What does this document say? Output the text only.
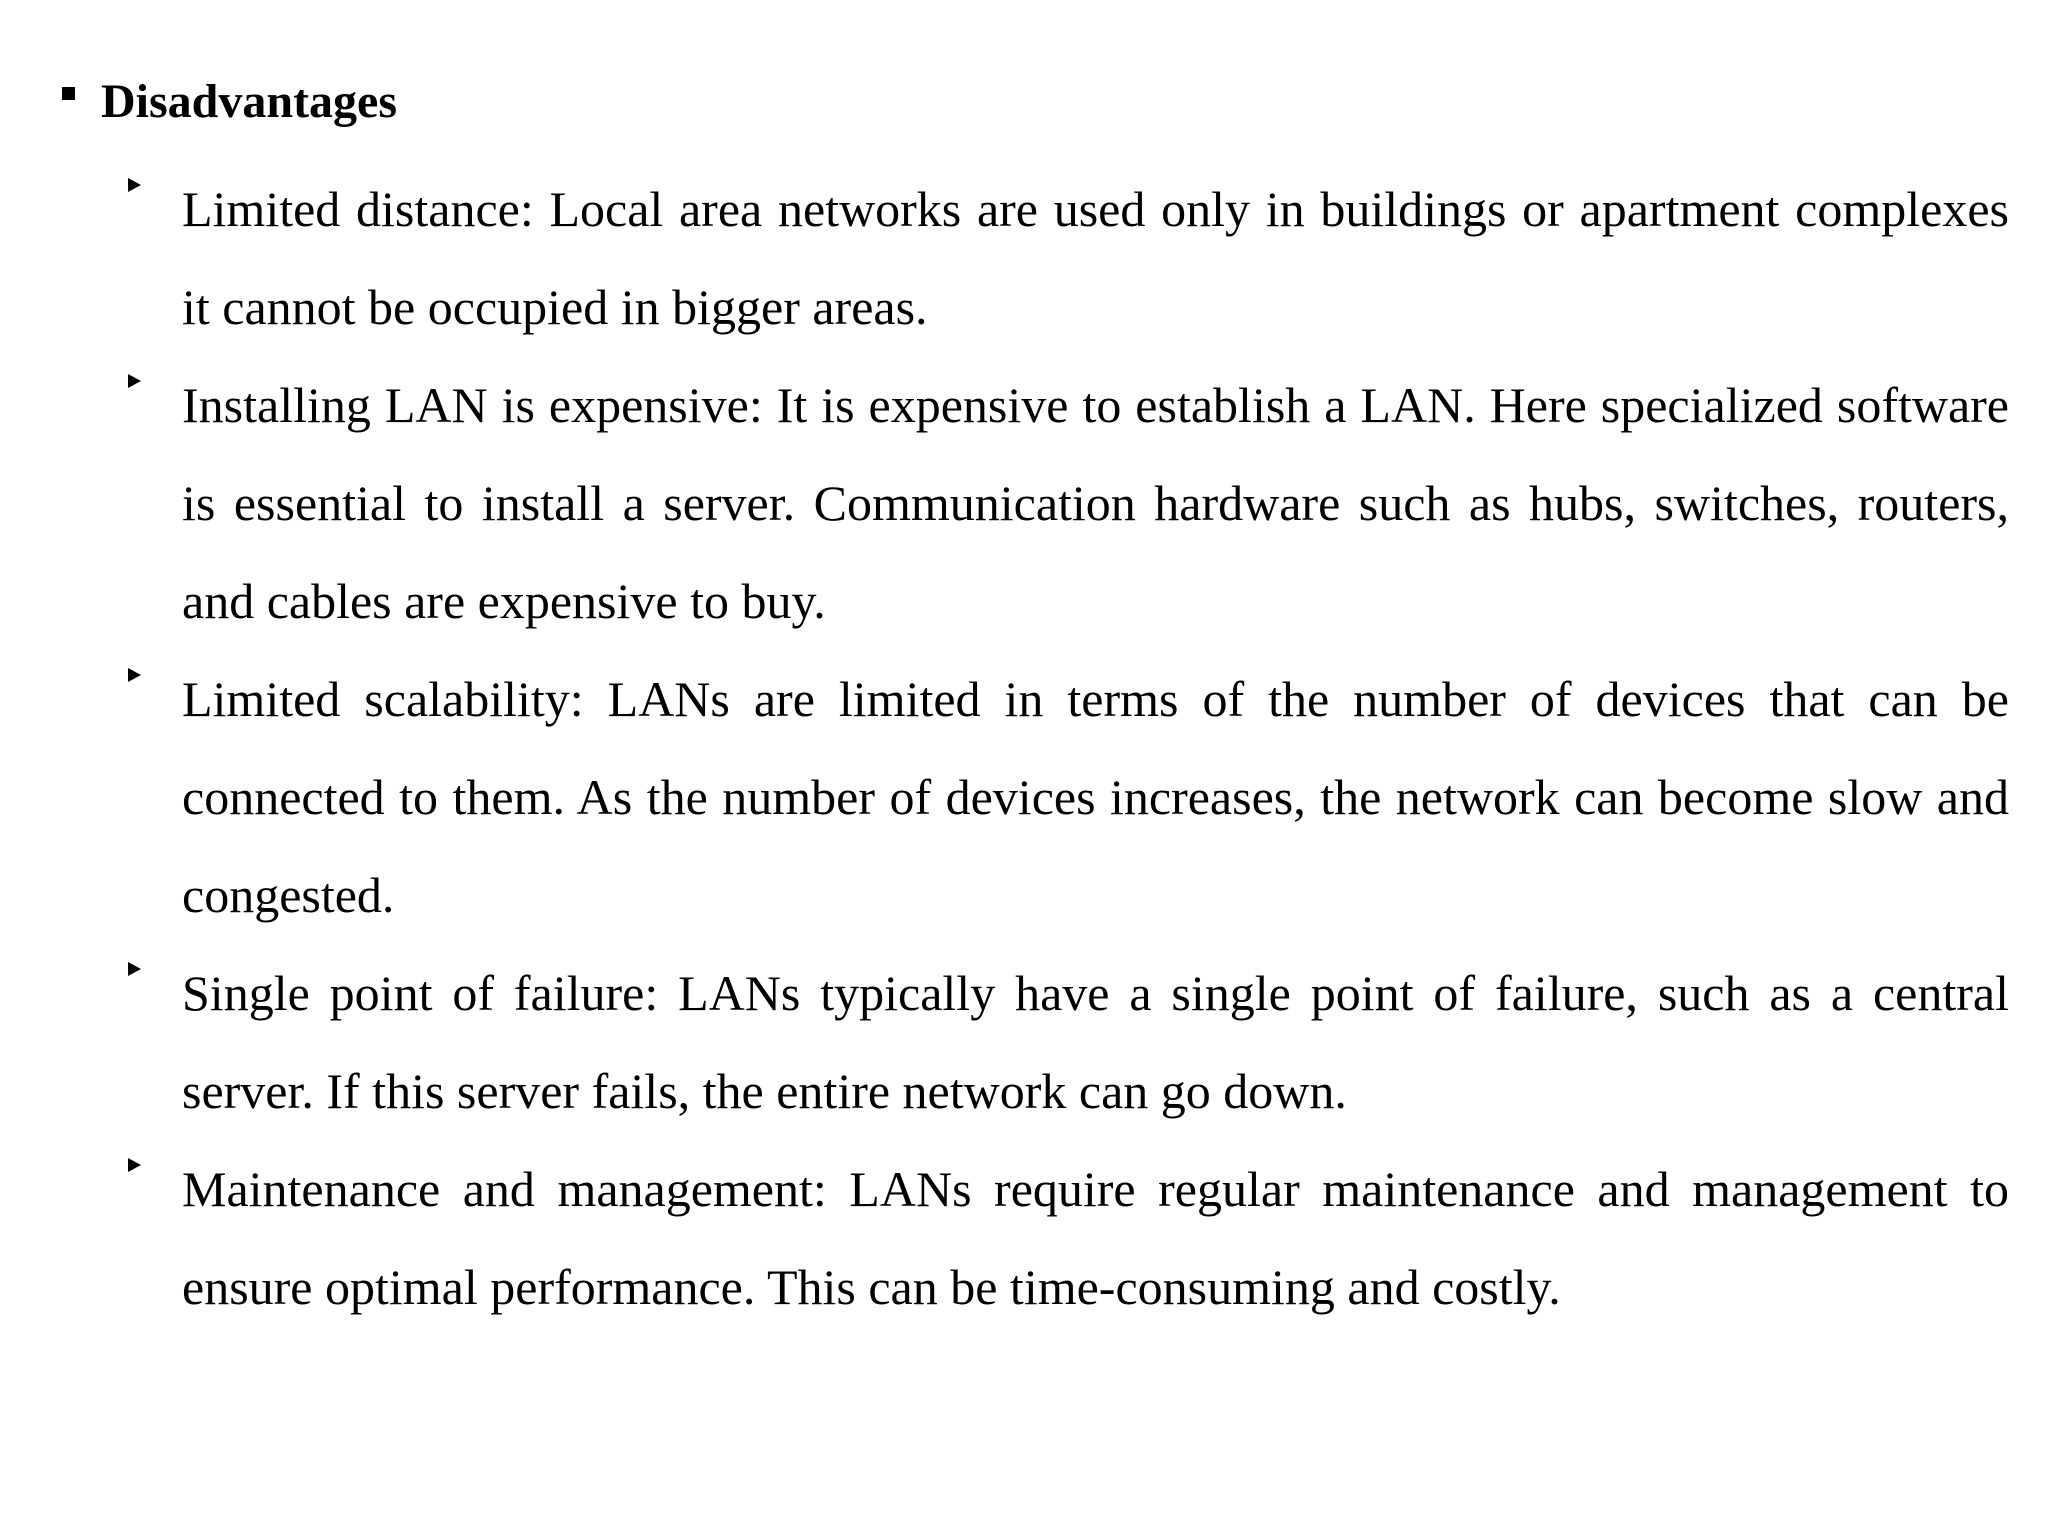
Disadvantages

Limited distance: Local area networks are used only in buildings or apartment complexes it cannot be occupied in bigger areas.

Installing LAN is expensive: It is expensive to establish a LAN. Here specialized software is essential to install a server. Communication hardware such as hubs, switches, routers, and cables are expensive to buy.

Limited scalability: LANs are limited in terms of the number of devices that can be connected to them. As the number of devices increases, the network can become slow and congested.

Single point of failure: LANs typically have a single point of failure, such as a central server. If this server fails, the entire network can go down.

Maintenance and management: LANs require regular maintenance and management to ensure optimal performance. This can be time-consuming and costly.
